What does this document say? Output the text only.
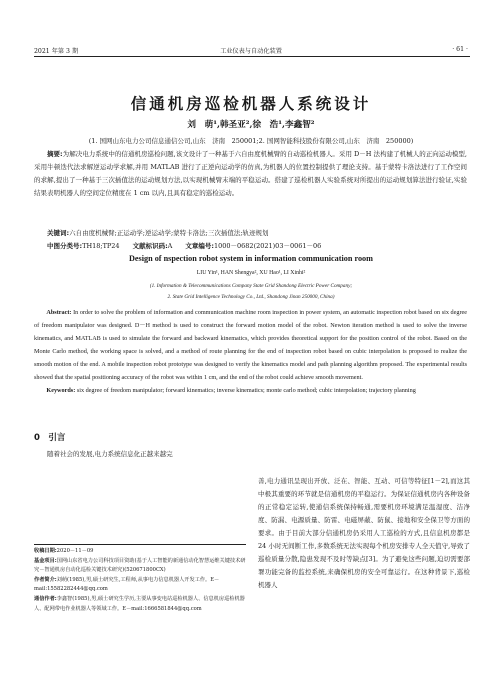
2021 年第 3 期	工业仪表与自动化装置	· 61 ·
信通机房巡检机器人系统设计
刘　萌¹,韩圣亚²,徐　浩¹,李鑫智²
(1. 国网山东电力公司信息通信公司,山东　济南　250001;2. 国网智能科技股份有限公司,山东　济南　250000)
摘要:为解决电力系统中的信通机房巡检问题,该文设计了一种基于六自由度机械臂的自动巡检机器人。采用 D－H 法构建了机械人的正向运动模型,采用牛顿迭代法求解逆运动学求解,并用 MATLAB 进行了正逆向运动学的仿真,为机器人的位置控制提供了理论支持。基于蒙特卡洛法进行了工作空间的求解,提出了一种基于三次插值法的运动规划方法,以实现机械臂末端的平稳运动。搭建了巡检机器人实验系统对所提出的运动规划算法进行验证,实验结果表明机器人的空间定位精度在 1 cm 以内,且具有稳定的巡检运动。
关键词:六自由度机械臂;正运动学;逆运动学;蒙特卡洛法;三次插值法;轨迹规划
中图分类号:TH18;TP24　　 文献标识码:A　　 文章编号:1000－0682(2021)03－0061－06
Design of nspection robot system in information communication room
LIU Yin¹, HAN Shengya², XU Hao¹, LI Xinhi²
(1. Information & Telecommunications Company State Grid Shandong Electric Power Company;
2. State Grid Intelligence Technology Co., Ltd., Shandong Jinan 250000, China)
Abstract: In order to solve the problem of information and communication machine room inspection in power system, an automatic inspection robot based on six degree of freedom manipulator was designed. D－H method is used to construct the forward motion model of the robot. Newton iteration method is used to solve the inverse kinematics, and MATLAB is used to simulate the forward and backward kinematics, which provides theoretical support for the position control of the robot. Based on the Monte Carlo method, the working space is solved, and a method of route planning for the end of inspection robot based on cubic interpolation is proposed to realize the smooth motion of the end. A mobile inspection robot prototype was designed to verify the kinematics model and path planning algorithm proposed. The experimental results showed that the spatial positioning accuracy of the robot was within 1 cm, and the end of the robot could achieve smooth movement.
Keywords: six degree of freedom manipulator; forward kinematics; inverse kinematics; monte carlo method; cubic interpolation; trajectory planning
0　引言
随着社会的发展,电力系统信息化正越来越完
收稿日期:2020－11－09
基金项目:国网山东省电力公司科技项目资助(基于人工智能的新通信动化智慧运维关键技术研究－智通机房自动化巡检关键技术研究)(520671800CX)
作者简介:刘萌(1985),男,硕士研究生,工程师,从事电力信息机器人开发工作。E－mail:15582282444@qq.com
通信作者:李鑫智(1985),男,硕士研究生学历,主要从事变电站巡检机器人、信息机房巡检机器人、配网带电作业机器人等领域工作。E－mail:1666581844@qq.com
善,电力通讯呈现出开放、泛在、智能、互动、可信等特征[1－2],而这其中极其重要的环节就是信通机房的平稳运行。为保证信通机房内各种设备的正常稳定运转,使通信系统保持畅通,需要机房环境满足温湿度、洁净度、防漏、电源质量、防雷、电磁屏蔽、防鼠、接地和安全保卫等方面的要求。由于目前大部分信通机房仍采用人工巡检的方式,且信息机房都是 24 小时无间断工作,多数系统无法实现每个机房安排专人全天值守,导致了巡检质量分散,隐患发现不及时等缺点[3]。为了避免这些问题,迫切需要部署功能完备的监控系统,来确保机房的安全可靠运行。在这种背景下,巡检机器人
